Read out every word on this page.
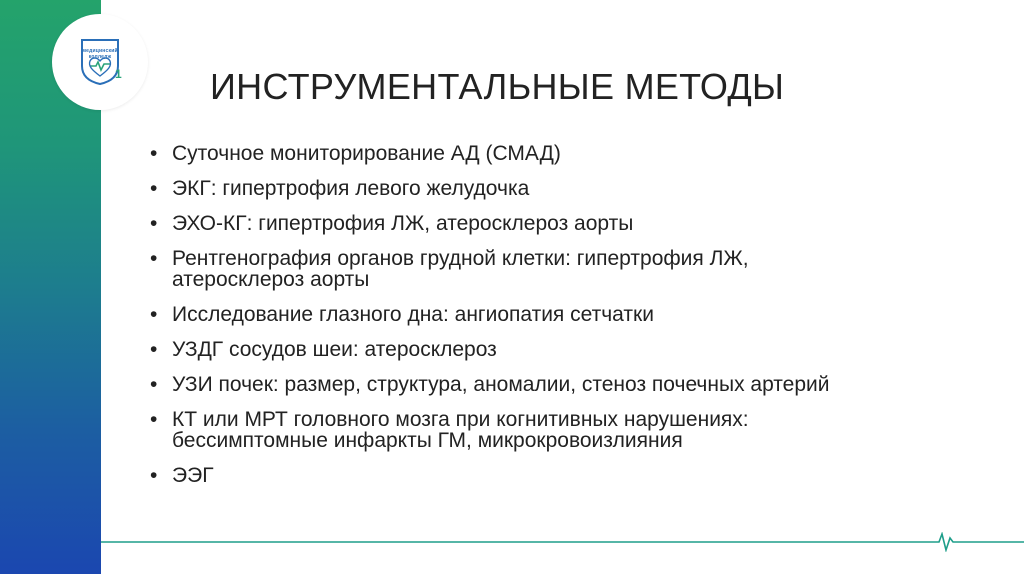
1
медицинский
колледж
ИНСТРУМЕНТАЛЬНЫЕ МЕТОДЫ
• Суточное мониторирование АД (СМАД)
• ЭКГ: гипертрофия левого желудочка
• ЭХО-КГ: гипертрофия ЛЖ, атеросклероз аорты
• Рентгенография органов грудной клетки: гипертрофия ЛЖ,
атеросклероз аорты
• Исследование глазного дна: ангиопатия сетчатки
• УЗДГ сосудов шеи: атеросклероз
• УЗИ почек: размер, структура, аномалии, стеноз почечных артерий
• КТ или МРТ головного мозга при когнитивных нарушениях:
бессимптомные инфаркты ГМ, микрокровоизлияния
• ЭЭГ
